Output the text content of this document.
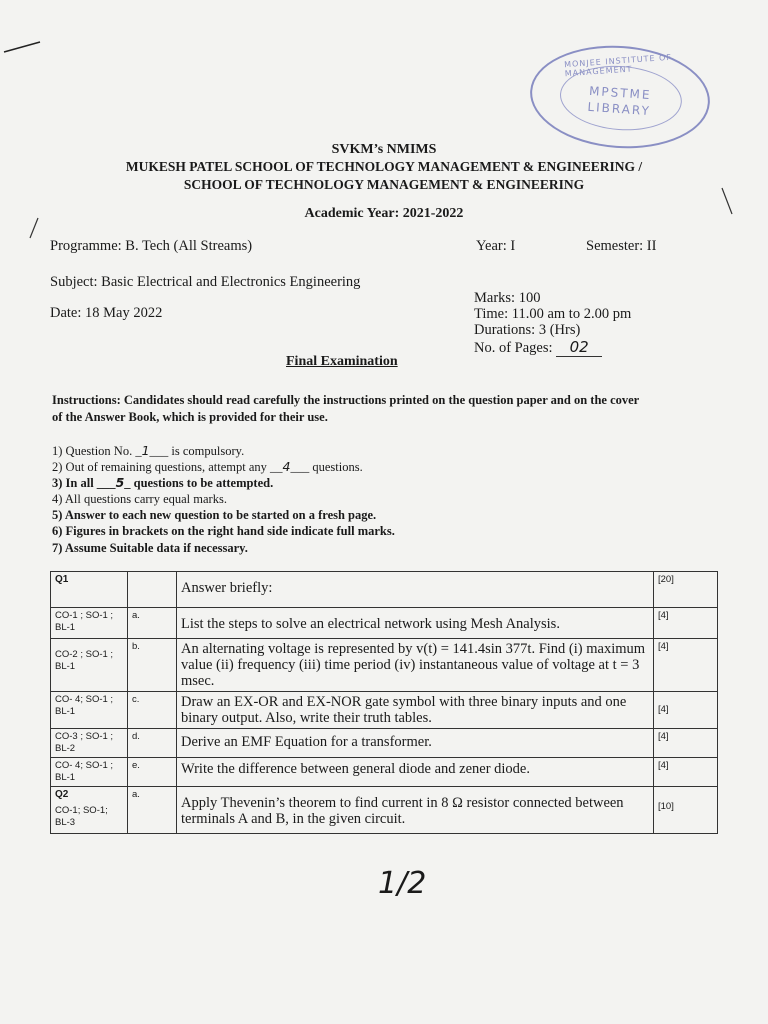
MONJEE INSTITUTE OF MANAGEMENT
MPSTME
LIBRARY
SVKM’s NMIMS
MUKESH PATEL SCHOOL OF TECHNOLOGY MANAGEMENT & ENGINEERING /
SCHOOL OF TECHNOLOGY MANAGEMENT & ENGINEERING
Academic Year: 2021-2022
Programme: B. Tech (All Streams)	Year: I	Semester: II
Subject: Basic Electrical and Electronics Engineering
Marks: 100
Date: 18 May 2022	Time: 11.00 am to 2.00 pm
Durations: 3 (Hrs)
No. of Pages: 02
Final Examination
Instructions: Candidates should read carefully the instructions printed on the question paper and on the cover
of the Answer Book, which is provided for their use.
1) Question No. _1___ is compulsory.
2) Out of remaining questions, attempt any __4___ questions.
3) In all ___5_ questions to be attempted.
4) All questions carry equal marks.
5) Answer to each new question to be started on a fresh page.
6) Figures in brackets on the right hand side indicate full marks.
7) Assume Suitable data if necessary.
Q1		Answer briefly:	[20]

CO-1 ; SO-1 ;
BL-1	a.	List the steps to solve an electrical network using Mesh Analysis.	[4]

CO-2 ; SO-1 ;
BL-1	b.	An alternating voltage is represented by v(t) = 141.4sin 377t. Find (i) maximum value (ii) frequency (iii) time period (iv) instantaneous value of voltage at t = 3 msec.	[4]

CO- 4; SO-1 ;
BL-1	c.	Draw an EX-OR and EX-NOR gate symbol with three binary inputs and one binary output. Also, write their truth tables.	[4]

CO-3 ; SO-1 ;
BL-2	d.	Derive an EMF Equation for a transformer.	[4]

CO- 4; SO-1 ;
BL-1	e.	Write the difference between general diode and zener diode.	[4]

Q2
CO-1; SO-1;
BL-3	a.	Apply Thevenin’s theorem to find current in 8 Ω resistor connected between terminals A and B, in the given circuit.	[10]
1/2
